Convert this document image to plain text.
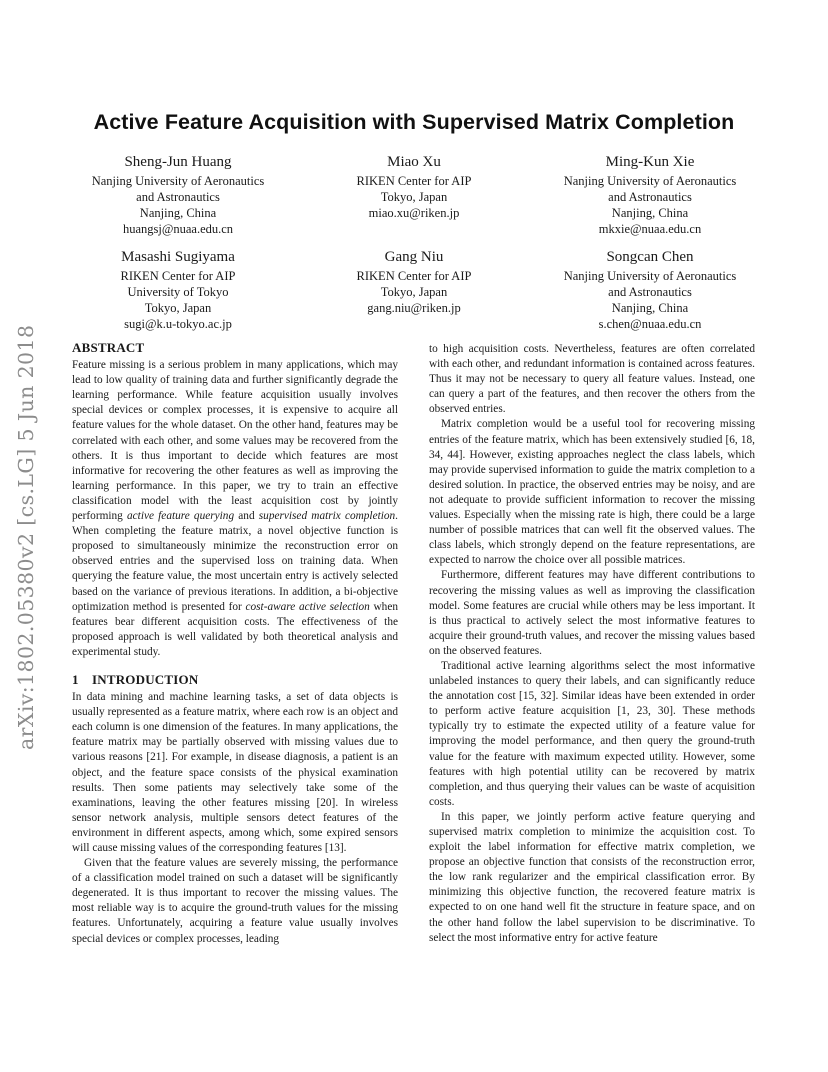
arXiv:1802.05380v2 [cs.LG] 5 Jun 2018
Active Feature Acquisition with Supervised Matrix Completion
Sheng-Jun Huang
Nanjing University of Aeronautics
and Astronautics
Nanjing, China
huangsj@nuaa.edu.cn
Miao Xu
RIKEN Center for AIP
Tokyo, Japan
miao.xu@riken.jp
Ming-Kun Xie
Nanjing University of Aeronautics
and Astronautics
Nanjing, China
mkxie@nuaa.edu.cn
Masashi Sugiyama
RIKEN Center for AIP
University of Tokyo
Tokyo, Japan
sugi@k.u-tokyo.ac.jp
Gang Niu
RIKEN Center for AIP
Tokyo, Japan
gang.niu@riken.jp
Songcan Chen
Nanjing University of Aeronautics
and Astronautics
Nanjing, China
s.chen@nuaa.edu.cn
ABSTRACT

Feature missing is a serious problem in many applications, which may lead to low quality of training data and further significantly degrade the learning performance. While feature acquisition usually involves special devices or complex processes, it is expensive to acquire all feature values for the whole dataset. On the other hand, features may be correlated with each other, and some values may be recovered from the others. It is thus important to decide which features are most informative for recovering the other features as well as improving the learning performance. In this paper, we try to train an effective classification model with the least acquisition cost by jointly performing active feature querying and supervised matrix completion. When completing the feature matrix, a novel objective function is proposed to simultaneously minimize the reconstruction error on observed entries and the supervised loss on training data. When querying the feature value, the most uncertain entry is actively selected based on the variance of previous iterations. In addition, a bi-objective optimization method is presented for cost-aware active selection when features bear different acquisition costs. The effectiveness of the proposed approach is well validated by both theoretical analysis and experimental study.

1 INTRODUCTION

In data mining and machine learning tasks, a set of data objects is usually represented as a feature matrix, where each row is an object and each column is one dimension of the features. In many applications, the feature matrix may be partially observed with missing values due to various reasons [21]. For example, in disease diagnosis, a patient is an object, and the feature space consists of the physical examination results. Then some patients may selectively take some of the examinations, leaving the other features missing [20]. In wireless sensor network analysis, multiple sensors detect features of the environment in different aspects, among which, some expired sensors will cause missing values of the corresponding features [13].

Given that the feature values are severely missing, the performance of a classification model trained on such a dataset will be significantly degenerated. It is thus important to recover the missing values. The most reliable way is to acquire the ground-truth values for the missing features. Unfortunately, acquiring a feature value usually involves special devices or complex processes, leading

to high acquisition costs. Nevertheless, features are often correlated with each other, and redundant information is contained across features. Thus it may not be necessary to query all feature values. Instead, one can query a part of the features, and then recover the others from the observed entries.

Matrix completion would be a useful tool for recovering missing entries of the feature matrix, which has been extensively studied [6, 18, 34, 44]. However, existing approaches neglect the class labels, which may provide supervised information to guide the matrix completion to a desired solution. In practice, the observed entries may be noisy, and are not adequate to provide sufficient information to recover the missing values. Especially when the missing rate is high, there could be a large number of possible matrices that can well fit the observed values. The class labels, which strongly depend on the feature representations, are expected to narrow the choice over all possible matrices.

Furthermore, different features may have different contributions to recovering the missing values as well as improving the classification model. Some features are crucial while others may be less important. It is thus practical to actively select the most informative features to acquire their ground-truth values, and recover the missing values based on the observed features.

Traditional active learning algorithms select the most informative unlabeled instances to query their labels, and can significantly reduce the annotation cost [15, 32]. Similar ideas have been extended in order to perform active feature acquisition [1, 23, 30]. These methods typically try to estimate the expected utility of a feature value for improving the model performance, and then query the ground-truth value for the feature with maximum expected utility. However, some features with high potential utility can be recovered by matrix completion, and thus querying their values can be waste of acquisition costs.

In this paper, we jointly perform active feature querying and supervised matrix completion to minimize the acquisition cost. To exploit the label information for effective matrix completion, we propose an objective function that consists of the reconstruction error, the low rank regularizer and the empirical classification error. By minimizing this objective function, the recovered feature matrix is expected to on one hand well fit the structure in feature space, and on the other hand follow the label supervision to be discriminative. To select the most informative entry for active feature
